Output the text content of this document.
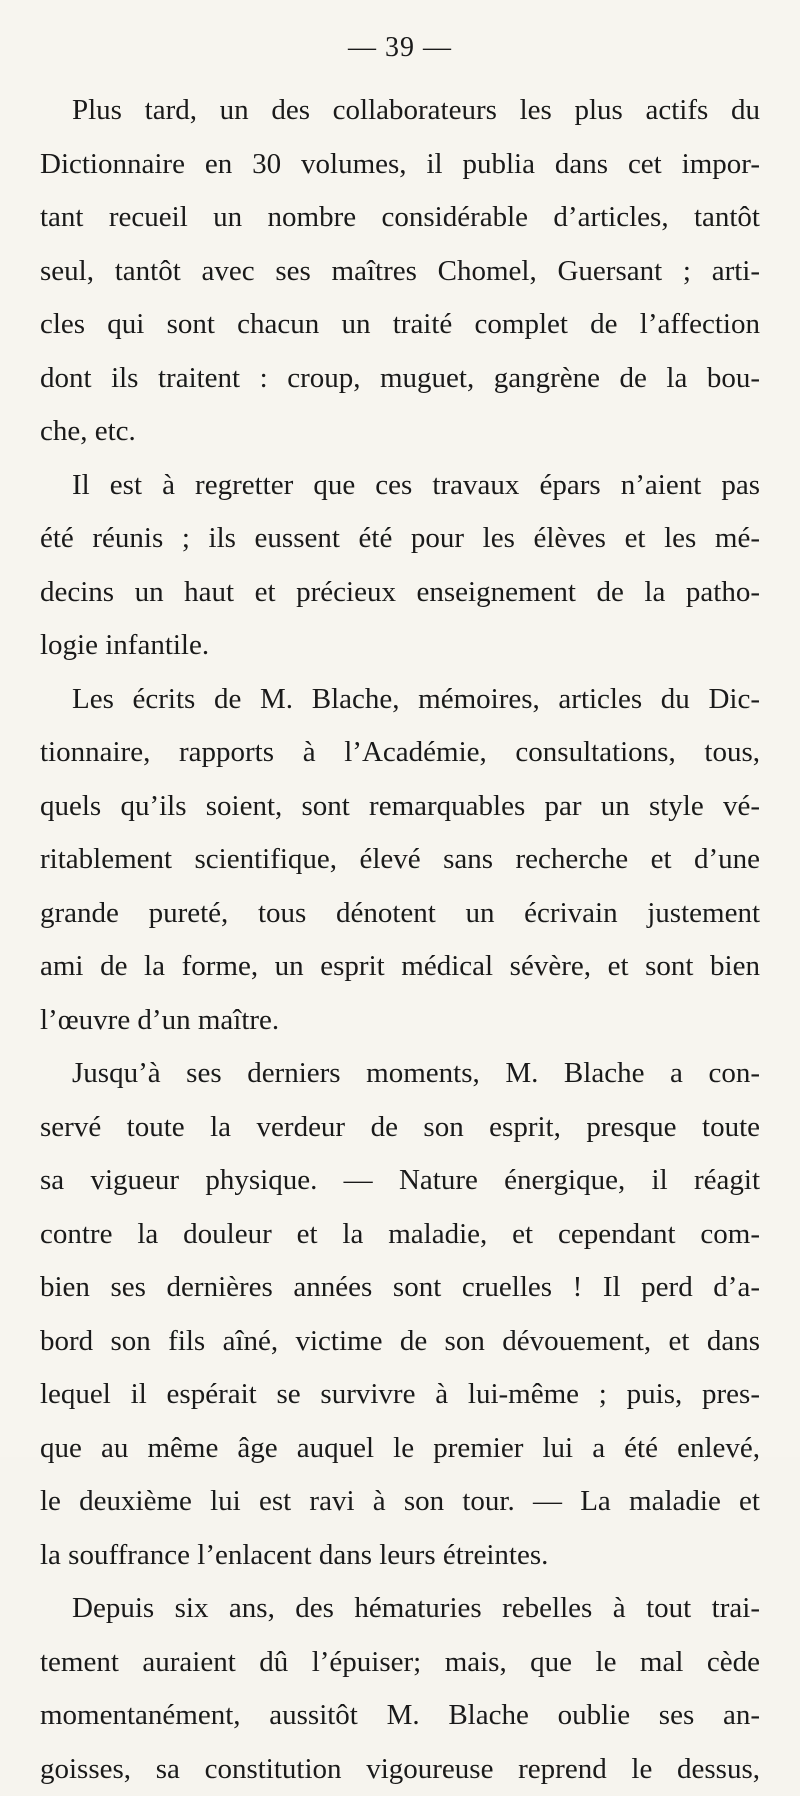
— 39 —
Plus tard, un des collaborateurs les plus actifs du
Dictionnaire en 30 volumes, il publia dans cet impor-
tant recueil un nombre considérable d’articles, tantôt
seul, tantôt avec ses maîtres Chomel, Guersant ; arti-
cles qui sont chacun un traité complet de l’affection
dont ils traitent : croup, muguet, gangrène de la bou-
che, etc.
Il est à regretter que ces travaux épars n’aient pas
été réunis ; ils eussent été pour les élèves et les mé-
decins un haut et précieux enseignement de la patho-
logie infantile.
Les écrits de M. Blache, mémoires, articles du Dic-
tionnaire, rapports à l’Académie, consultations, tous,
quels qu’ils soient, sont remarquables par un style vé-
ritablement scientifique, élevé sans recherche et d’une
grande pureté, tous dénotent un écrivain justement
ami de la forme, un esprit médical sévère, et sont bien
l’œuvre d’un maître.
Jusqu’à ses derniers moments, M. Blache a con-
servé toute la verdeur de son esprit, presque toute
sa vigueur physique. — Nature énergique, il réagit
contre la douleur et la maladie, et cependant com-
bien ses dernières années sont cruelles ! Il perd d’a-
bord son fils aîné, victime de son dévouement, et dans
lequel il espérait se survivre à lui-même ; puis, pres-
que au même âge auquel le premier lui a été enlevé,
le deuxième lui est ravi à son tour. — La maladie et
la souffrance l’enlacent dans leurs étreintes.
Depuis six ans, des hématuries rebelles à tout trai-
tement auraient dû l’épuiser; mais, que le mal cède
momentanément, aussitôt M. Blache oublie ses an-
goisses, sa constitution vigoureuse reprend le dessus,
